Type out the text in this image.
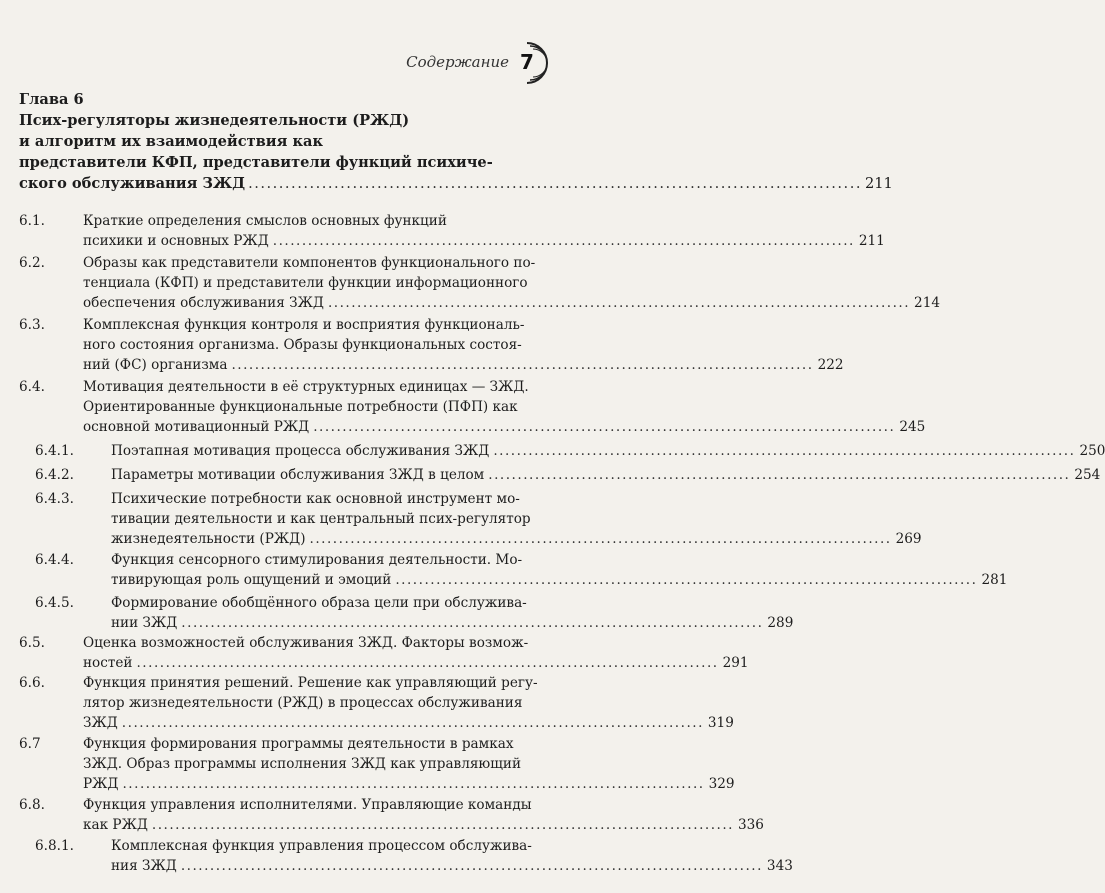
Содержание 7
Глава 6
Псих-регуляторы жизнедеятельности (РЖД)
и алгоритм их взаимодействия как
представители КФП, представители функций психиче-
ского обслуживания ЗЖД .................................................................................................... 211
6.1.	Краткие определения смыслов основных функций
психики и основных РЖД .................................................................................................... 211
6.2.	Образы как представители компонентов функционального по-
тенциала (КФП) и представители функции информационного
обеспечения обслуживания ЗЖД .................................................................................................... 214
6.3.	Комплексная функция контроля и восприятия функциональ-
ного состояния организма. Образы функциональных состоя-
ний (ФС) организма .................................................................................................... 222
6.4.	Мотивация деятельности в её структурных единицах — ЗЖД.
Ориентированные функциональные потребности (ПФП) как
основной мотивационный РЖД .................................................................................................... 245
6.4.1.	Поэтапная мотивация процесса обслуживания ЗЖД .................................................................................................... 250
6.4.2.	Параметры мотивации обслуживания ЗЖД в целом .................................................................................................... 254
6.4.3.	Психические потребности как основной инструмент мо-
тивации деятельности и как центральный псих-регулятор
жизнедеятельности (РЖД) .................................................................................................... 269
6.4.4.	Функция сенсорного стимулирования деятельности. Мо-
тивирующая роль ощущений и эмоций .................................................................................................... 281
6.4.5.	Формирование обобщённого образа цели при обслужива-
нии ЗЖД .................................................................................................... 289
6.5.	Оценка возможностей обслуживания ЗЖД. Факторы возмож-
ностей .................................................................................................... 291
6.6.	Функция принятия решений. Решение как управляющий регу-
лятор жизнедеятельности (РЖД) в процессах обслуживания
ЗЖД .................................................................................................... 319
6.7	Функция формирования программы деятельности в рамках
ЗЖД. Образ программы исполнения ЗЖД как управляющий
РЖД .................................................................................................... 329
6.8.	Функция управления исполнителями. Управляющие команды
как РЖД .................................................................................................... 336
6.8.1.	Комплексная функция управления процессом обслужива-
ния ЗЖД .................................................................................................... 343
